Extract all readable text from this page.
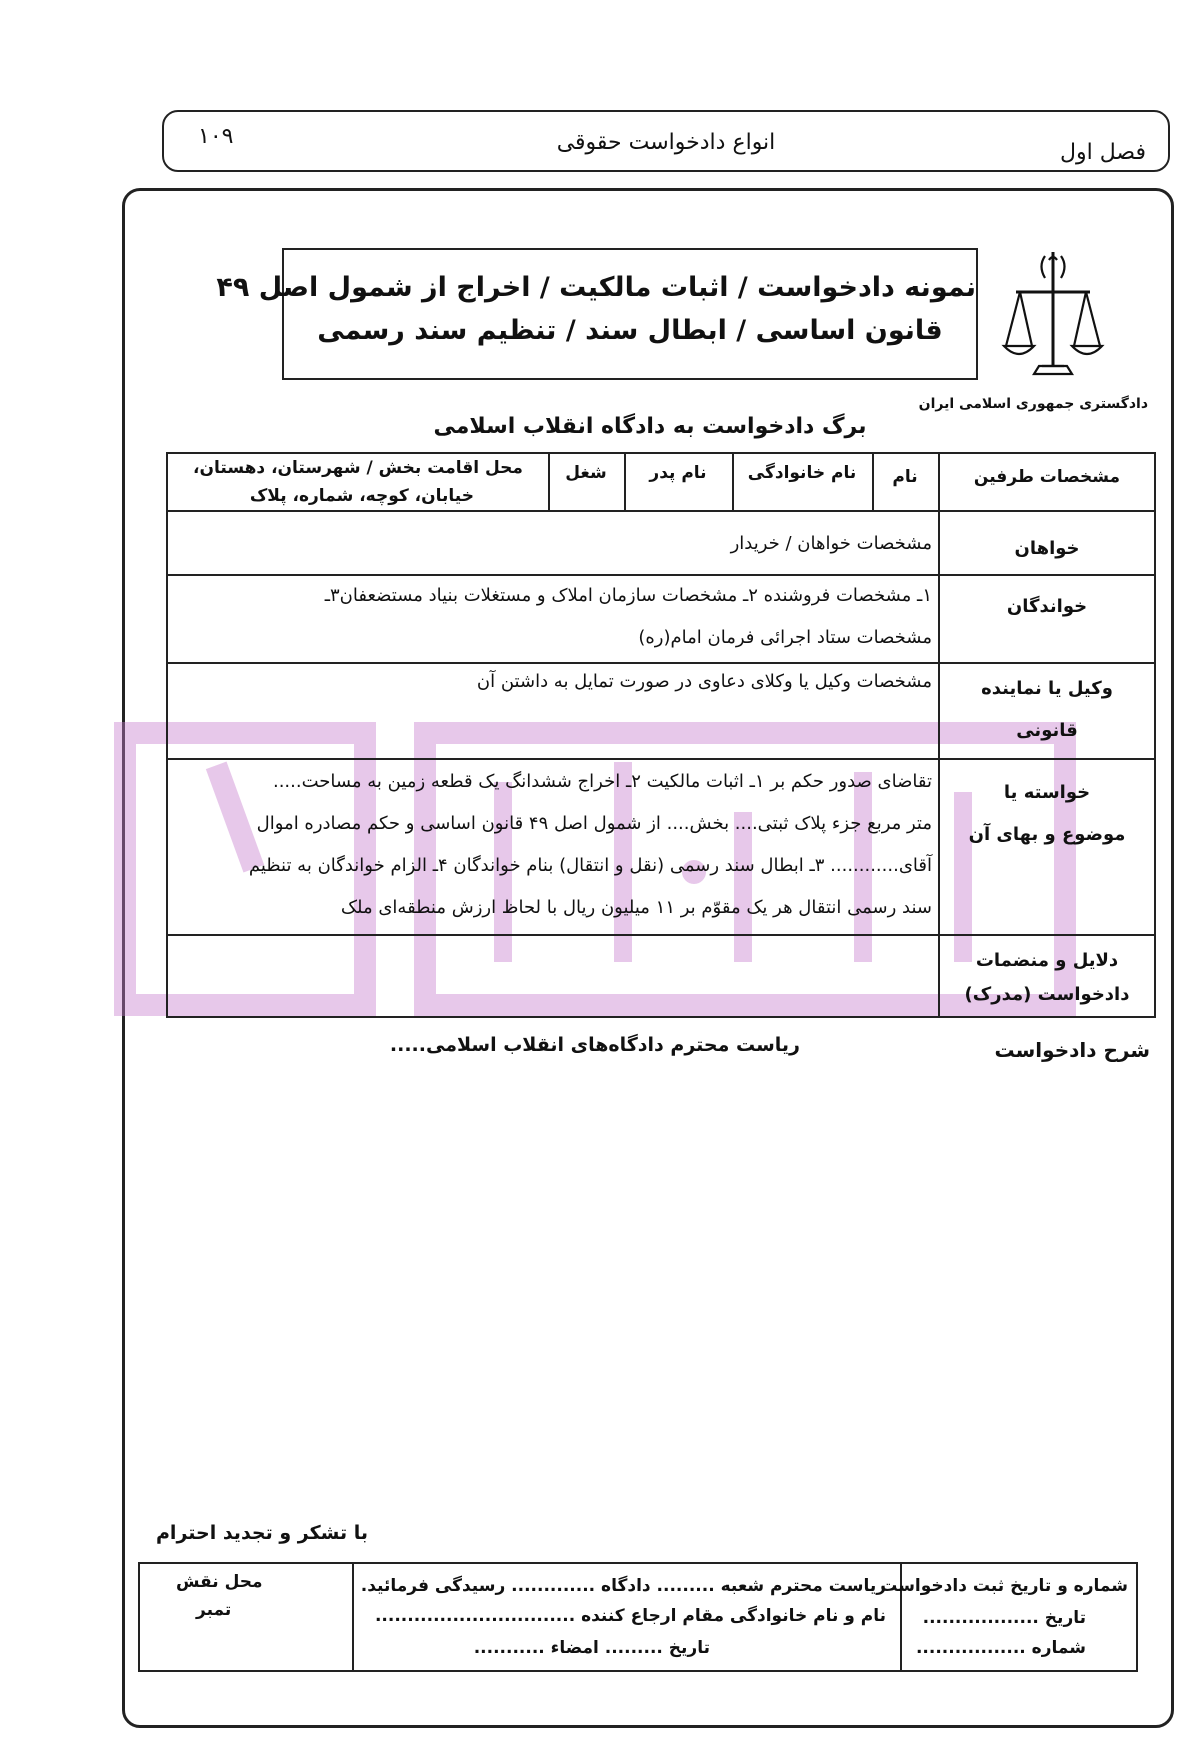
فصل اول
انواع دادخواست حقوقی
۱۰۹
نمونه دادخواست / اثبات مالکیت / اخراج از شمول اصل ۴۹
قانون اساسی / ابطال سند / تنظیم سند رسمی
دادگستری جمهوری اسلامی ایران
برگ دادخواست به دادگاه انقلاب اسلامی
مشخصات طرفین
نام
نام خانوادگی
نام پدر
شغل
محل اقامت بخش / شهرستان، دهستان،
خیابان، کوچه، شماره، پلاک
خواهان
مشخصات خواهان / خریدار
خواندگان
۱ـ مشخصات فروشنده ۲ـ مشخصات سازمان املاک و مستغلات بنیاد مستضعفان۳ـ
مشخصات ستاد اجرائی فرمان امام(ره)
وکیل یا نماینده
قانونی
مشخصات وکیل یا وکلای دعاوی در صورت تمایل به داشتن آن
خواسته یا
موضوع و بهای آن
تقاضای صدور حکم بر ۱ـ اثبات مالکیت ۲ـ اخراج ششدانگ یک قطعه زمین به مساحت.....
متر مربع جزء پلاک ثبتی.... بخش.... از شمول اصل ۴۹ قانون اساسی و حکم مصادره اموال
آقای............ ۳ـ ابطال سند رسمی (نقل و انتقال) بنام خواندگان ۴ـ الزام خواندگان به تنظیم
سند رسمی انتقال هر یک مقوّم بر ۱۱ میلیون ریال با لحاظ ارزش منطقه‌ای ملک
دلایل و منضمات
دادخواست (مدرک)
شرح دادخواست
ریاست محترم دادگاه‌های انقلاب اسلامی.....
با تشکر و تجدید احترام
شماره و تاریخ ثبت دادخواست
تاریخ ..................
شماره .................
ریاست محترم شعبه ......... دادگاه ............. رسیدگی فرمائید.
نام و نام خانوادگی مقام ارجاع کننده ...............................
تاریخ ......... امضاء ...........
محل نقش
تمبر
